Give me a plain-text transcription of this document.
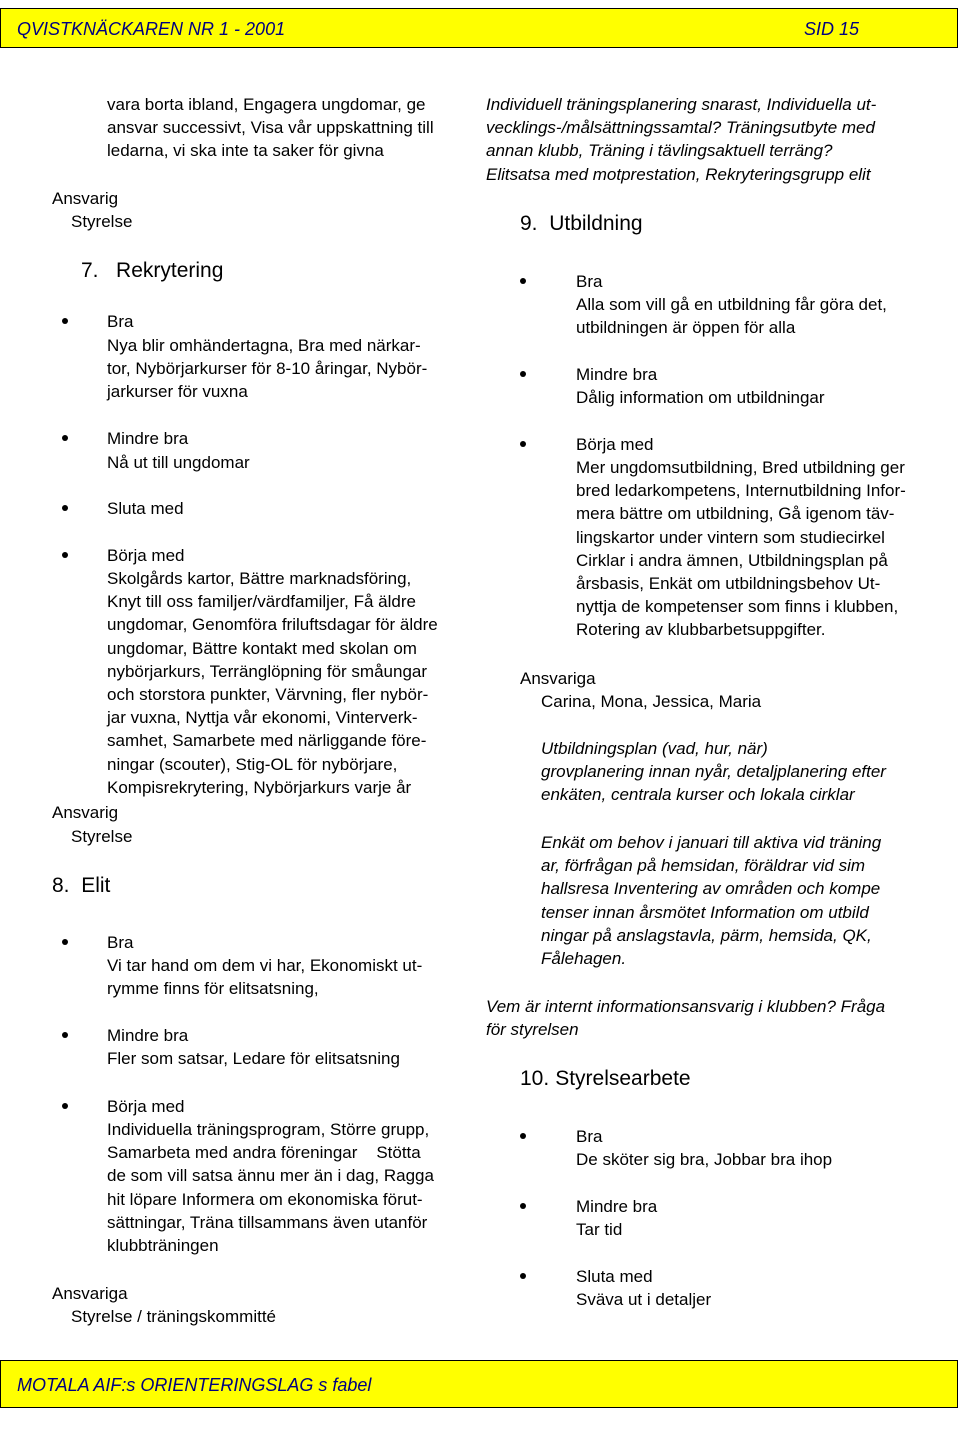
QVISTKNÄCKAREN NR 1 - 2001	SID 15
vara borta ibland, Engagera ungdomar, ge
ansvar successivt, Visa vår uppskattning till
ledarna, vi ska inte ta saker för givna
Ansvarig
Styrelse
7. Rekrytering
Bra
Nya blir omhändertagna, Bra med närkar-
tor, Nybörjarkurser för 8-10 åringar, Nybör-
jarkurser för vuxna
Mindre bra
Nå ut till ungdomar
Sluta med
Börja med
Skolgårds kartor, Bättre marknadsföring,
Knyt till oss familjer/värdfamiljer, Få äldre
ungdomar, Genomföra friluftsdagar för äldre
ungdomar, Bättre kontakt med skolan om
nybörjarkurs, Terränglöpning för småungar
och storstora punkter, Värvning, fler nybör-
jar vuxna, Nyttja vår ekonomi, Vinterverk-
samhet, Samarbete med närliggande före-
ningar (scouter), Stig-OL för nybörjare,
Kompisrekrytering, Nybörjarkurs varje år
Ansvarig
Styrelse
8. Elit
Bra
Vi tar hand om dem vi har, Ekonomiskt ut-
rymme finns för elitsatsning,
Mindre bra
Fler som satsar, Ledare för elitsatsning
Börja med
Individuella träningsprogram, Större grupp,
Samarbeta med andra föreningar    Stötta
de som vill satsa ännu mer än i dag, Ragga
hit löpare Informera om ekonomiska förut-
sättningar, Träna tillsammans även utanför
klubbträningen
Ansvariga
Styrelse / träningskommitté
Individuell träningsplanering snarast, Individuella ut-
vecklings-/målsättningssamtal? Träningsutbyte med
annan klubb, Träning i tävlingsaktuell terräng?
Elitsatsa med motprestation, Rekryteringsgrupp elit
9. Utbildning
Bra
Alla som vill gå en utbildning får göra det,
utbildningen är öppen för alla
Mindre bra
Dålig information om utbildningar
Börja med
Mer ungdomsutbildning, Bred utbildning ger
bred ledarkompetens, Internutbildning Infor-
mera bättre om utbildning, Gå igenom täv-
lingskartor under vintern som studiecirkel
Cirklar i andra ämnen, Utbildningsplan på
årsbasis, Enkät om utbildningsbehov Ut-
nyttja de kompetenser som finns i klubben,
Rotering av klubbarbetsuppgifter.
Ansvariga
Carina, Mona, Jessica, Maria
Utbildningsplan (vad, hur, när)
grovplanering innan nyår, detaljplanering efter
enkäten, centrala kurser och lokala cirklar
Enkät om behov i januari till aktiva vid träning
ar, förfrågan på hemsidan, föräldrar vid sim
hallsresa Inventering av områden och kompe
tenser innan årsmötet Information om utbild
ningar på anslagstavla, pärm, hemsida, QK,
Fålehagen.
Vem är internt informationsansvarig i klubben? Fråga
för styrelsen
10. Styrelsearbete
Bra
De sköter sig bra, Jobbar bra ihop
Mindre bra
Tar tid
Sluta med
Sväva ut i detaljer
MOTALA AIF:s ORIENTERINGSLAG s fabel
